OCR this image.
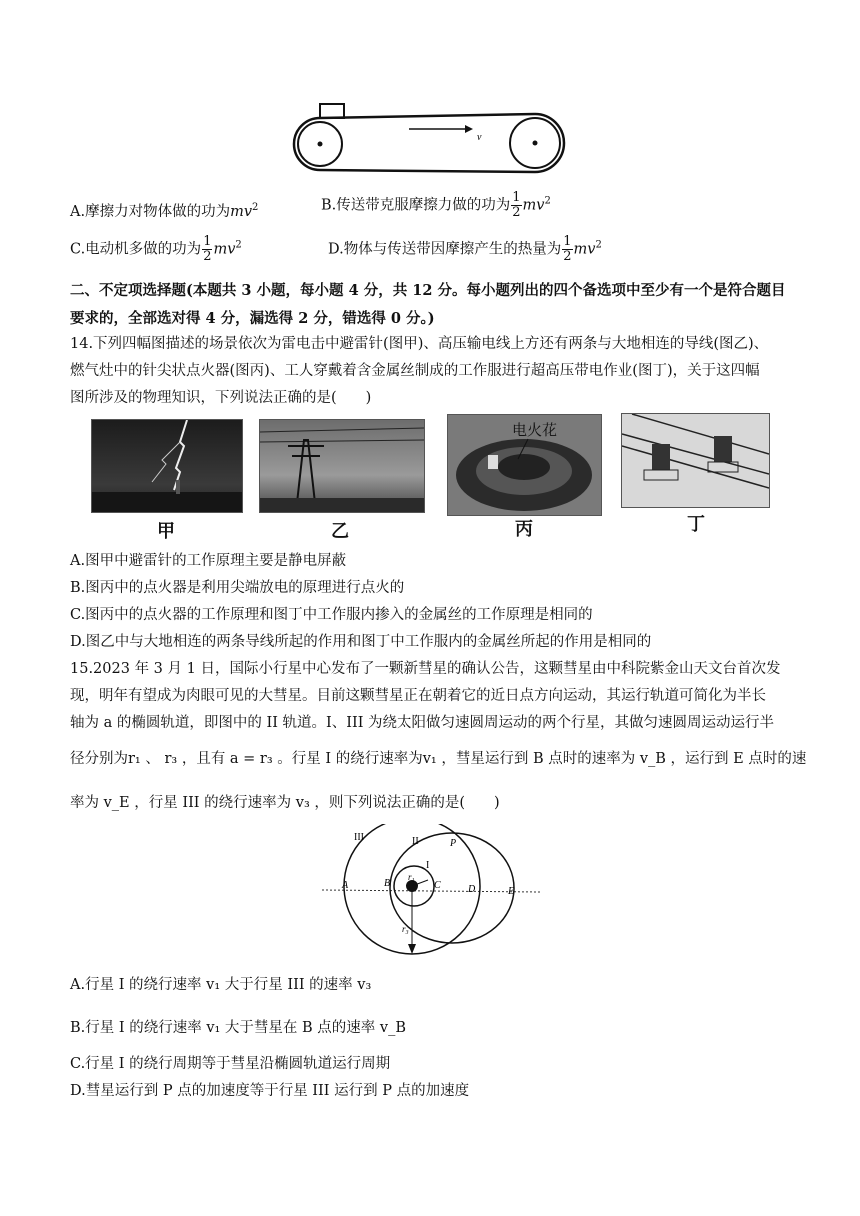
v
A.摩擦力对物体做的功为$mv^2$	B.传送带克服摩擦力做的功为 $\frac{1}{2} mv^2$
C.电动机多做的功为 $\frac{1}{2} mv^2$	D.物体与传送带因摩擦产生的热量为 $\frac{1}{2} mv^2$
二、不定项选择题(本题共 3 小题，每小题 4 分，共 12 分。每小题列出的四个备选项中至少有一个是符合题目
要求的，全部选对得 4 分，漏选得 2 分，错选得 0 分。)
14.下列四幅图描述的场景依次为雷电击中避雷针(图甲)、高压输电线上方还有两条与大地相连的导线(图乙)、
燃气灶中的针尖状点火器(图丙)、工人穿戴着含金属丝制成的工作服进行超高压带电作业(图丁)，关于这四幅
图所涉及的物理知识，下列说法正确的是(　　)
电火花
甲	乙	丙	丁
A.图甲中避雷针的工作原理主要是静电屏蔽
B.图丙中的点火器是利用尖端放电的原理进行点火的
C.图丙中的点火器的工作原理和图丁中工作服内掺入的金属丝的工作原理是相同的
D.图乙中与大地相连的两条导线所起的作用和图丁中工作服内的金属丝所起的作用是相同的
15.2023 年 3 月 1 日，国际小行星中心发布了一颗新彗星的确认公告，这颗彗星由中科院紫金山天文台首次发
现，明年有望成为肉眼可见的大彗星。目前这颗彗星正在朝着它的近日点方向运动，其运行轨道可简化为半长
轴为 a 的椭圆轨道，即图中的 II 轨道。I、III 为绕太阳做匀速圆周运动的两个行星，其做匀速圆周运动运行半
径分别为r₁ 、 r₃ ，且有 a = r₃ 。行星 I 的绕行速率为v₁ ，彗星运行到 B 点时的速率为 v_B ，运行到 E 点时的速
率为 v_E ，行星 III 的绕行速率为 v₃ ，则下列说法正确的是(　　)
III	II	P
I
A	B	C	D	E
r₁
r₃
A.行星 I 的绕行速率 v₁ 大于行星 III 的速率 v₃
B.行星 I 的绕行速率 v₁ 大于彗星在 B 点的速率 v_B
C.行星 I 的绕行周期等于彗星沿椭圆轨道运行周期
D.彗星运行到 P 点的加速度等于行星 III 运行到 P 点的加速度
